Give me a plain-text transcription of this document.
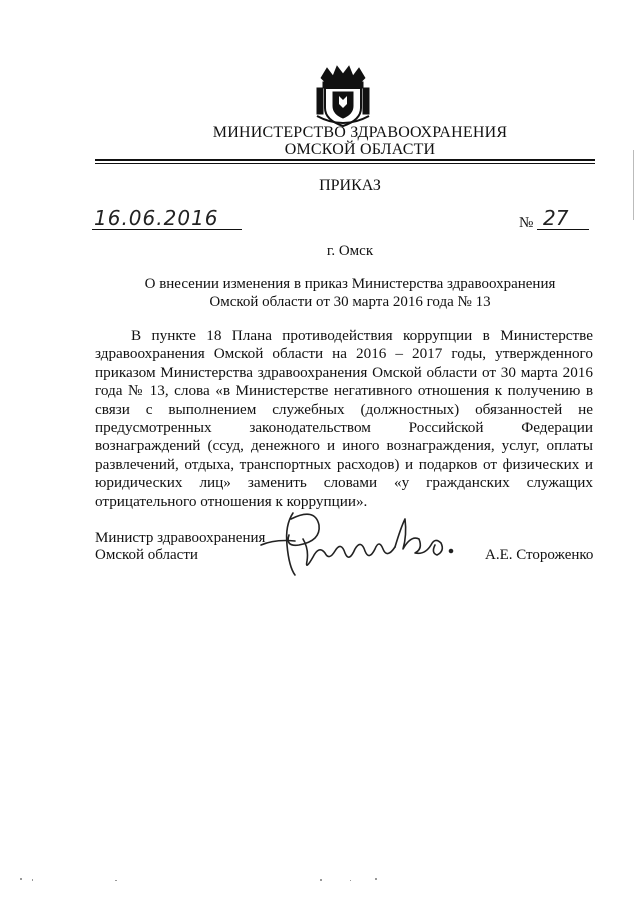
МИНИСТЕРСТВО ЗДРАВООХРАНЕНИЯ
ОМСКОЙ ОБЛАСТИ
ПРИКАЗ
16.06.2016	№ 27
г. Омск
О внесении изменения в приказ Министерства здравоохранения
Омской области от 30 марта 2016 года № 13
В пункте 18 Плана противодействия коррупции в Министерстве здравоохранения Омской области на 2016 – 2017 годы, утвержденного приказом Министерства здравоохранения Омской области от 30 марта 2016 года № 13, слова «в Министерстве негативного отношения к получению в связи с выполнением служебных (должностных) обязанностей не предусмотренных законодательством Российской Федерации вознаграждений (ссуд, денежного и иного вознаграждения, услуг, оплаты развлечений, отдыха, транспортных расходов) и подарков от физических и юридических лиц» заменить словами «у гражданских служащих отрицательного отношения к коррупции».
Министр здравоохранения
Омской области	А.Е. Стороженко
